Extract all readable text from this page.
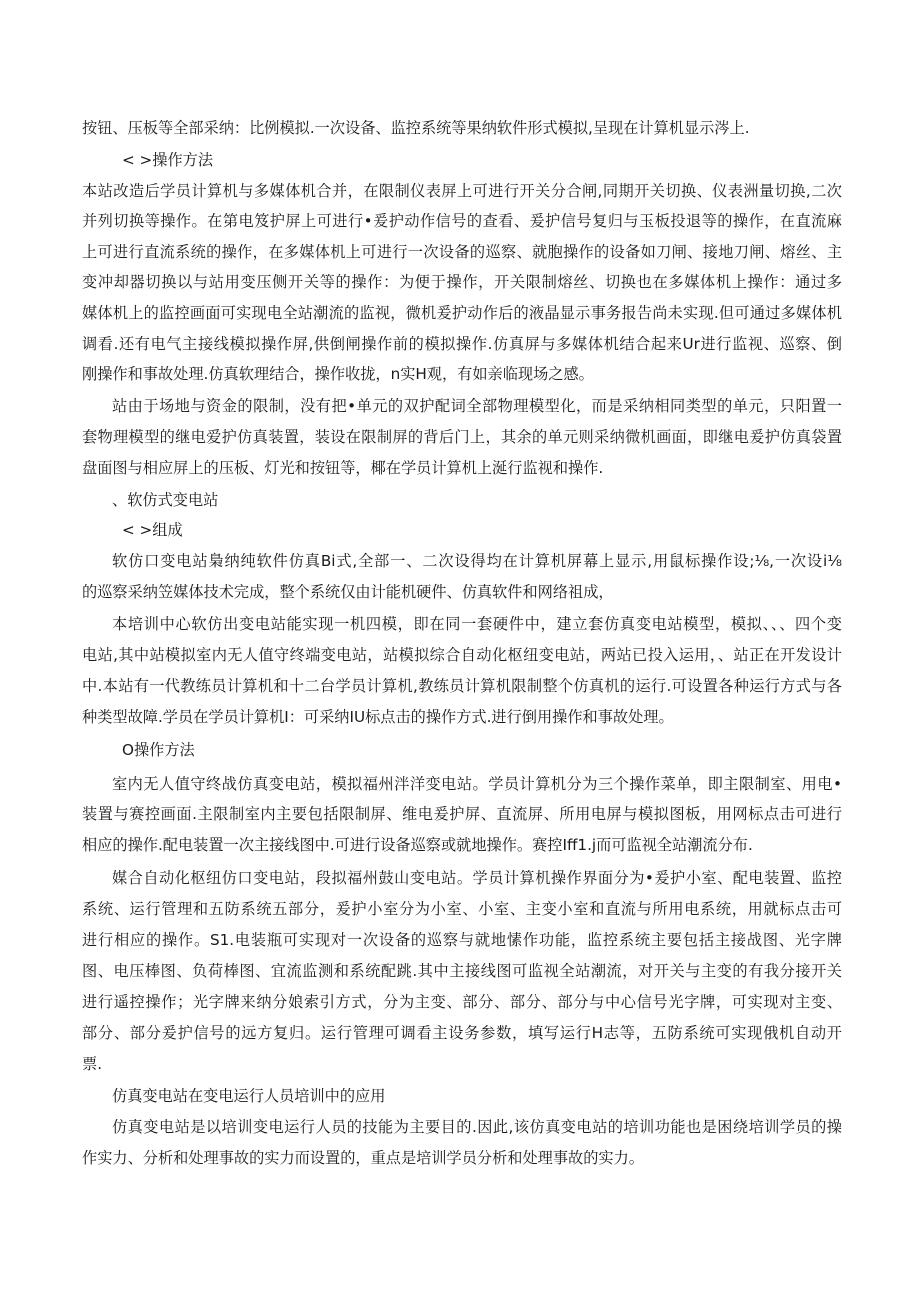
按钮、压板等全部采纳：比例模拟.一次设备、监控系统等果纳软件形式模拟,呈现在计算机显示涔上.
< >操作方法
本站改造后学员计算机与多媒体机合并，在限制仪表屏上可进行开关分合闸,同期开关切换、仪表洲量切换,二次
并列切换等操作。在第电笈护屏上可进行•爰护动作信号的查看、爰护信号复归与玉板投退等的操作，在直流麻
上可进行直流系统的操作，在多媒体机上可进行一次设备的巡察、就胞操作的设备如刀闸、接地刀闸、熔丝、主
变冲却器切换以与站用变压侧开关等的操作：为便于操作，开关限制熔丝、切换也在多媒体机上操作：通过多
媒体机上的监控画面可实现电全站潮流的监视，微机爰护动作后的液晶显示事务报告尚未实现.但可通过多媒体机
调看.还有电气主接线模拟操作屏,供倒闸操作前的模拟操作.仿真屏与多媒体机结合起来Ur进行监视、巡察、倒
刚操作和事故处理.仿真软理结合，操作收拢，n实H观，有如亲临现场之感。
站由于场地与资金的限制，没有把•单元的双护配词全部物理模型化，而是采纳相同类型的单元，只阳置一
套物理模型的继电爱护仿真装置，装设在限制屏的背后门上，其余的单元则采纳微机画面，即继电爰护仿真袋置
盘面图与相应屏上的压板、灯光和按钮等，椰在学员计算机上涎行监视和操作.
、软仿式变电站
< >组成
软仿口变电站梟纳纯软件仿真Bi式,全部一、二次设得均在计算机屏幕上显示,用鼠标操作设;⅛,一次设i⅛
的巡察采纳笠媒体技术完成，整个系统仅由计能机硬件、仿真软件和网络祖成，
本培训中心软仿出变电站能实现一机四模，即在同一套硬件中，建立套仿真变电站模型，模拟、、、四个变
电站,其中站模拟室内无人值守终端变电站，站模拟综合自动化枢纽变电站，两站已投入运用，、站正在开发设计
中.本站有一代教练员计算机和十二台学员计算机,教练员计算机限制整个仿真机的运行.可设置各种运行方式与各
种类型故障.学员在学员计算机I：可采纳IU标点击的操作方式.进行倒用操作和事故处理。
O操作方法
室内无人值守终战仿真变电站，模拟福州泮洋变电站。学员计算机分为三个操作菜单，即主限制室、用电•
装置与赛控画面.主限制室内主要包括限制屏、维电爰护屏、直流屏、所用电屏与模拟图板，用网标点击可进行
相应的操作.配电装置一次主接线图中.可进行设备巡察或就地操作。赛控Iff1.j而可监视全站潮流分布.
媒合自动化枢纽仿口变电站，段拟福州鼓山变电站。学员计算机操作界面分为•爰护小室、配电装置、监控
系统、运行管理和五防系统五部分，爰护小室分为小室、小室、主变小室和直流与所用电系统，用就标点击可
进行相应的操作。S1.电装瓶可实现对一次设备的巡察与就地愫作功能，监控系统主要包括主接战图、光字牌
图、电压棒图、负荷棒图、宜流监测和系统配跳.其中主接线图可监视全站潮流，对开关与主变的有我分接开关
进行遥控操作；光字牌来纳分娘索引方式，分为主变、部分、部分、部分与中心信号光字牌，可实现对主变、
部分、部分爰护信号的远方复归。运行管理可调看主设务参数，填写运行H志等，五防系统可实现俄机自动开
票.
仿真变电站在变电运行人员培训中的应用
仿真变电站是以培训变电运行人员的技能为主要目的.因此,该仿真变电站的培训功能也是困绕培训学员的操
作实力、分析和处理事故的实力而设置的，重点是培训学员分析和处理事故的实力。
